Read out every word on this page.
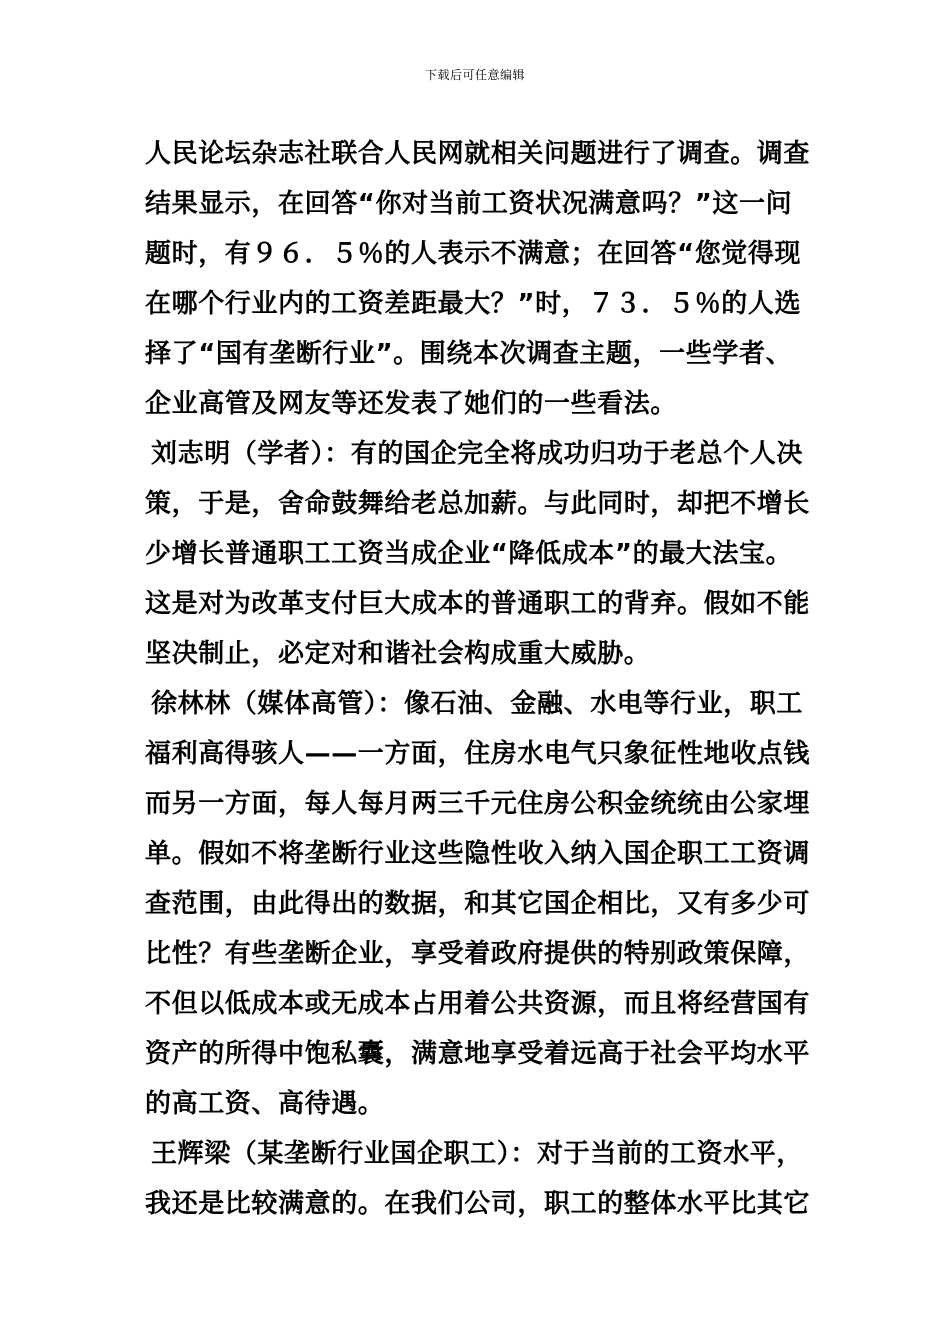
下载后可任意编辑
人民论坛杂志社联合人民网就相关问题进行了调查。调查
结果显示，在回答“你对当前工资状况满意吗？”这一问
题时，有９６．５％的人表示不满意；在回答“您觉得现
在哪个行业内的工资差距最大？”时，７３．５％的人选
择了“国有垄断行业”。围绕本次调查主题，一些学者、
企业高管及网友等还发表了她们的一些看法。
刘志明（学者）：有的国企完全将成功归功于老总个人决
策，于是，舍命鼓舞给老总加薪。与此同时，却把不增长
少增长普通职工工资当成企业“降低成本”的最大法宝。
这是对为改革支付巨大成本的普通职工的背弃。假如不能
坚决制止，必定对和谐社会构成重大威胁。
徐林林（媒体高管）：像石油、金融、水电等行业，职工
福利高得骇人——一方面，住房水电气只象征性地收点钱
而另一方面，每人每月两三千元住房公积金统统由公家埋
单。假如不将垄断行业这些隐性收入纳入国企职工工资调
查范围，由此得出的数据，和其它国企相比，又有多少可
比性？有些垄断企业，享受着政府提供的特别政策保障，
不但以低成本或无成本占用着公共资源，而且将经营国有
资产的所得中饱私囊，满意地享受着远高于社会平均水平
的高工资、高待遇。
王辉梁（某垄断行业国企职工）：对于当前的工资水平，
我还是比较满意的。在我们公司，职工的整体水平比其它
